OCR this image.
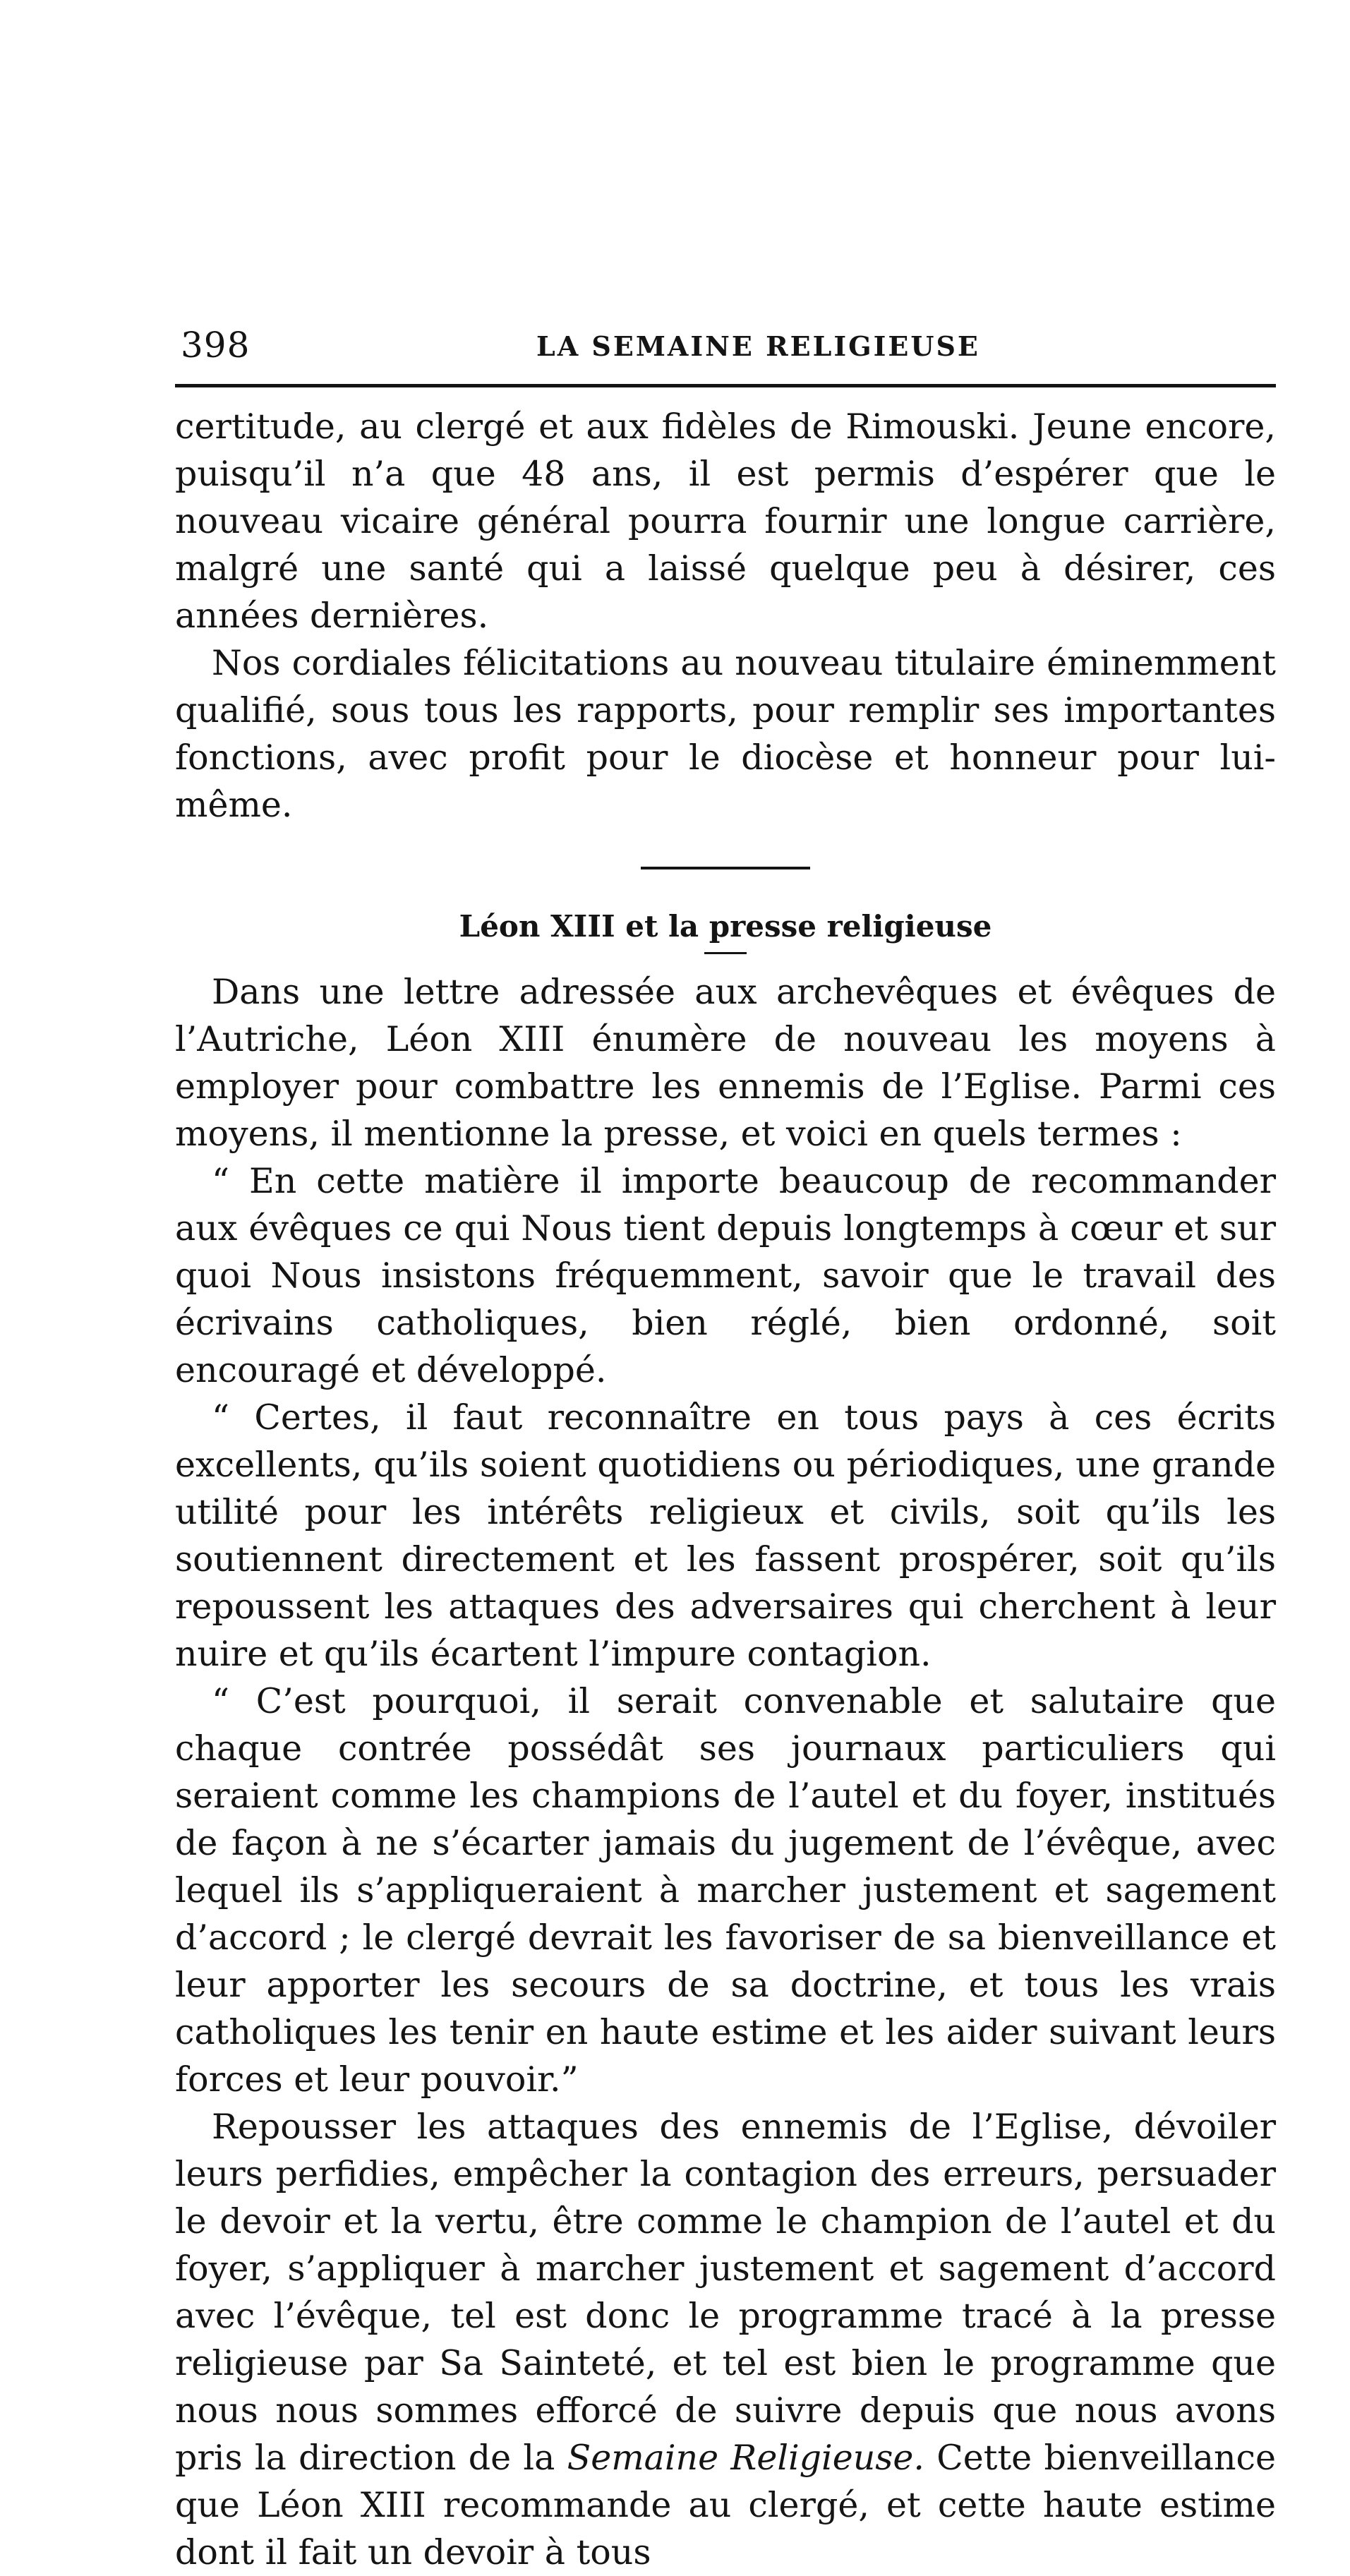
398	LA SEMAINE RELIGIEUSE

certitude, au clergé et aux fidèles de Rimouski. Jeune encore, puisqu’il n’a que 48 ans, il est permis d’espérer que le nouveau vicaire général pourra fournir une longue carrière, malgré une santé qui a laissé quelque peu à désirer, ces années dernières.

Nos cordiales félicitations au nouveau titulaire éminemment qualifié, sous tous les rapports, pour remplir ses importantes fonctions, avec profit pour le diocèse et honneur pour lui-même.

Léon XIII et la presse religieuse

Dans une lettre adressée aux archevêques et évêques de l’Autriche, Léon XIII énumère de nouveau les moyens à employer pour combattre les ennemis de l’Eglise. Parmi ces moyens, il mentionne la presse, et voici en quels termes :

“ En cette matière il importe beaucoup de recommander aux évêques ce qui Nous tient depuis longtemps à cœur et sur quoi Nous insistons fréquemment, savoir que le travail des écrivains catholiques, bien réglé, bien ordonné, soit encouragé et développé.

“ Certes, il faut reconnaître en tous pays à ces écrits excellents, qu’ils soient quotidiens ou périodiques, une grande utilité pour les intérêts religieux et civils, soit qu’ils les soutiennent directement et les fassent prospérer, soit qu’ils repoussent les attaques des adversaires qui cherchent à leur nuire et qu’ils écartent l’impure contagion.

“ C’est pourquoi, il serait convenable et salutaire que chaque contrée possédât ses journaux particuliers qui seraient comme les champions de l’autel et du foyer, institués de façon à ne s’écarter jamais du jugement de l’évêque, avec lequel ils s’appliqueraient à marcher justement et sagement d’accord ; le clergé devrait les favoriser de sa bienveillance et leur apporter les secours de sa doctrine, et tous les vrais catholiques les tenir en haute estime et les aider suivant leurs forces et leur pouvoir.”

Repousser les attaques des ennemis de l’Eglise, dévoiler leurs perfidies, empêcher la contagion des erreurs, persuader le devoir et la vertu, être comme le champion de l’autel et du foyer, s’appliquer à marcher justement et sagement d’accord avec l’évêque, tel est donc le programme tracé à la presse religieuse par Sa Sainteté, et tel est bien le programme que nous nous sommes efforcé de suivre depuis que nous avons pris la direction de la Semaine Religieuse. Cette bienveillance que Léon XIII recommande au clergé, et cette haute estime dont il fait un devoir à tous
